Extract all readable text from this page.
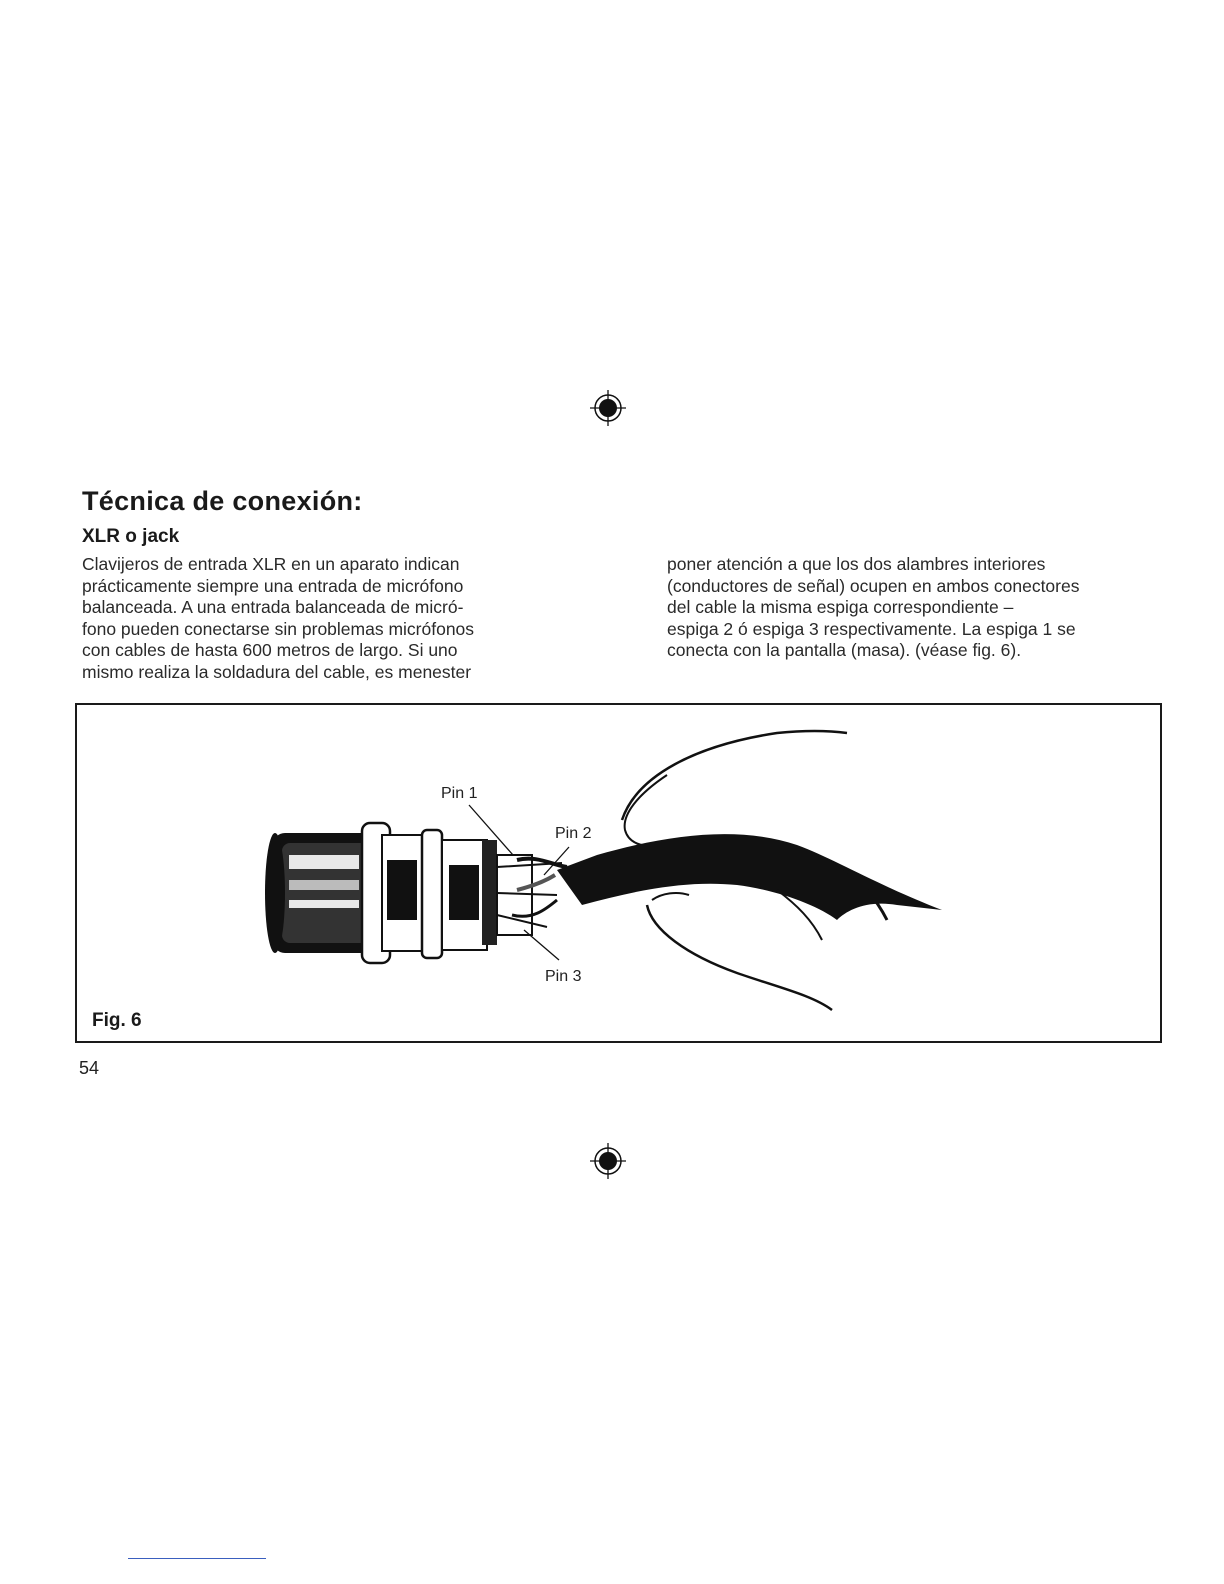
Técnica de conexión:
XLR o jack
Clavijeros de entrada XLR en un aparato indican
prácticamente siempre una entrada de micrófono
balanceada. A una entrada balanceada de micró-
fono pueden conectarse sin problemas micrófonos
con cables de hasta 600 metros de largo. Si uno
mismo realiza la soldadura del cable, es menester
poner atención a que los dos alambres interiores
(conductores de señal) ocupen en ambos conectores
del cable la misma espiga correspondiente –
espiga 2 ó espiga 3 respectivamente. La espiga 1 se
conecta con la pantalla (masa). (véase fig. 6).
Pin 1
Pin 2
Pin 3
Fig. 6
54
